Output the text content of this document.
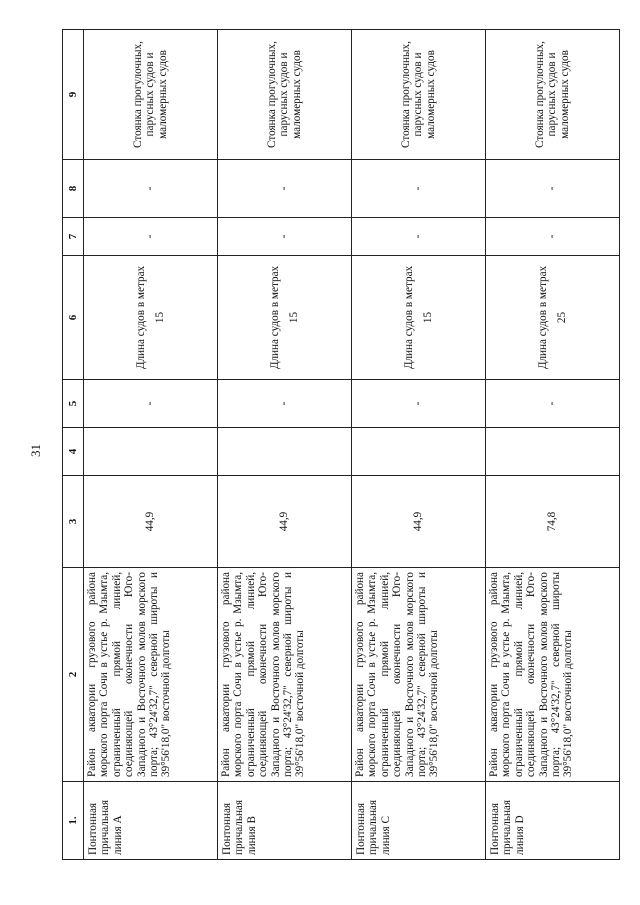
31
1.	2	3	4	5	6	7	8	9
Понтонная причальная линия А	Район акватории грузового района морского порта Сочи в устье р. Мзымта, ограниченный прямой линией, соединяющей оконечности Юго-Западного и Восточного молов морского порта; 43°24'32,7" северной широты и 39°56'18,0" восточной долготы	44,9		-	Длина судов в метрах 15	-	-	Стоянка прогулочных, парусных судов и маломерных судов
Понтонная причальная линия В	Район акватории грузового района морского порта Сочи в устье р. Мзымта, ограниченный прямой линией, соединяющей оконечности Юго-Западного и Восточного молов морского порта; 43°24'32,7" северной широты и 39°56'18,0" восточной долготы	44,9		-	Длина судов в метрах 15	-	-	Стоянка прогулочных, парусных судов и маломерных судов
Понтонная причальная линия С	Район акватории грузового района морского порта Сочи в устье р. Мзымта, ограниченный прямой линией, соединяющей оконечности Юго-Западного и Восточного молов морского порта; 43°24'32,7" северной широты и 39°56'18,0" восточной долготы	44,9		-	Длина судов в метрах 15	-	-	Стоянка прогулочных, парусных судов и маломерных судов
Понтонная причальная линия D	Район акватории грузового района морского порта Сочи в устье р. Мзымта, ограниченный прямой линией, соединяющей оконечности Юго-Западного и Восточного молов морского порта; 43°24'32,7" северной широты 39°56'18,0" восточной долготы	74,8		-	Длина судов в метрах 25	-	-	Стоянка прогулочных, парусных судов и маломерных судов
